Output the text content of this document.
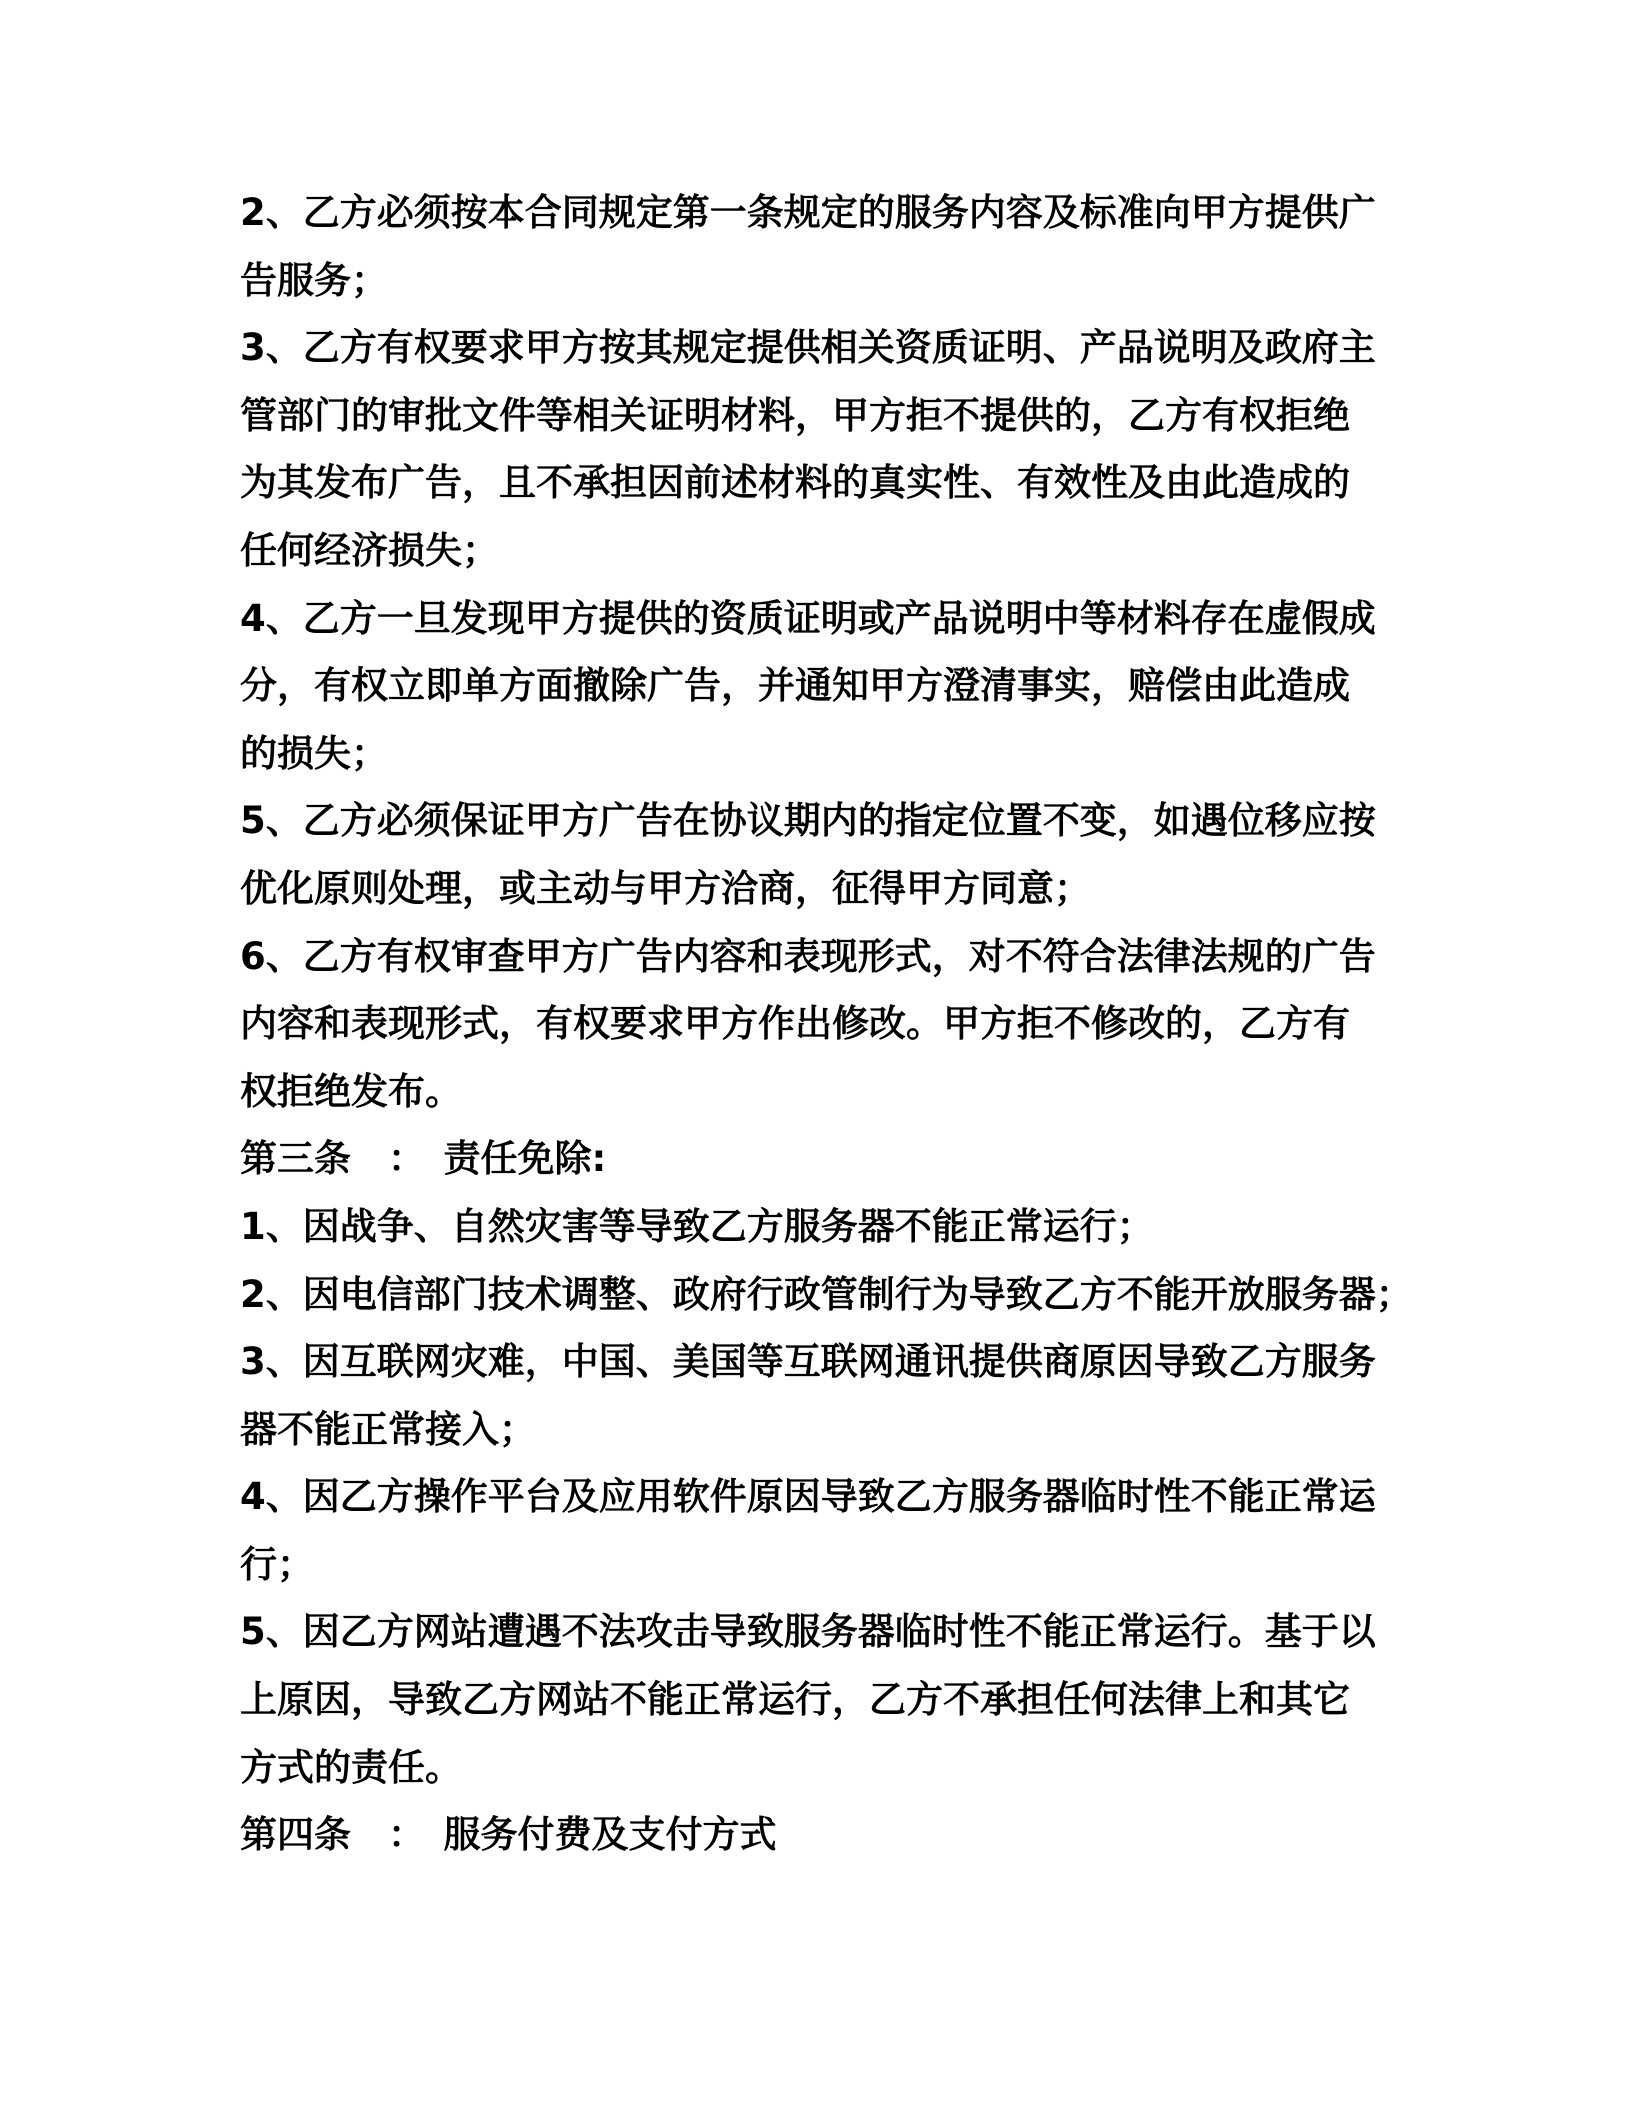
2、乙方必须按本合同规定第一条规定的服务内容及标准向甲方提供广
告服务；
3、乙方有权要求甲方按其规定提供相关资质证明、产品说明及政府主
管部门的审批文件等相关证明材料，甲方拒不提供的，乙方有权拒绝
为其发布广告，且不承担因前述材料的真实性、有效性及由此造成的
任何经济损失；
4、乙方一旦发现甲方提供的资质证明或产品说明中等材料存在虚假成
分，有权立即单方面撤除广告，并通知甲方澄清事实，赔偿由此造成
的损失；
5、乙方必须保证甲方广告在协议期内的指定位置不变，如遇位移应按
优化原则处理，或主动与甲方洽商，征得甲方同意；
6、乙方有权审查甲方广告内容和表现形式，对不符合法律法规的广告
内容和表现形式，有权要求甲方作出修改。甲方拒不修改的，乙方有
权拒绝发布。
第三条　：　责任免除:
1、因战争、自然灾害等导致乙方服务器不能正常运行；
2、因电信部门技术调整、政府行政管制行为导致乙方不能开放服务器；
3、因互联网灾难，中国、美国等互联网通讯提供商原因导致乙方服务
器不能正常接入；
4、因乙方操作平台及应用软件原因导致乙方服务器临时性不能正常运
行；
5、因乙方网站遭遇不法攻击导致服务器临时性不能正常运行。基于以
上原因，导致乙方网站不能正常运行，乙方不承担任何法律上和其它
方式的责任。
第四条　：　服务付费及支付方式
